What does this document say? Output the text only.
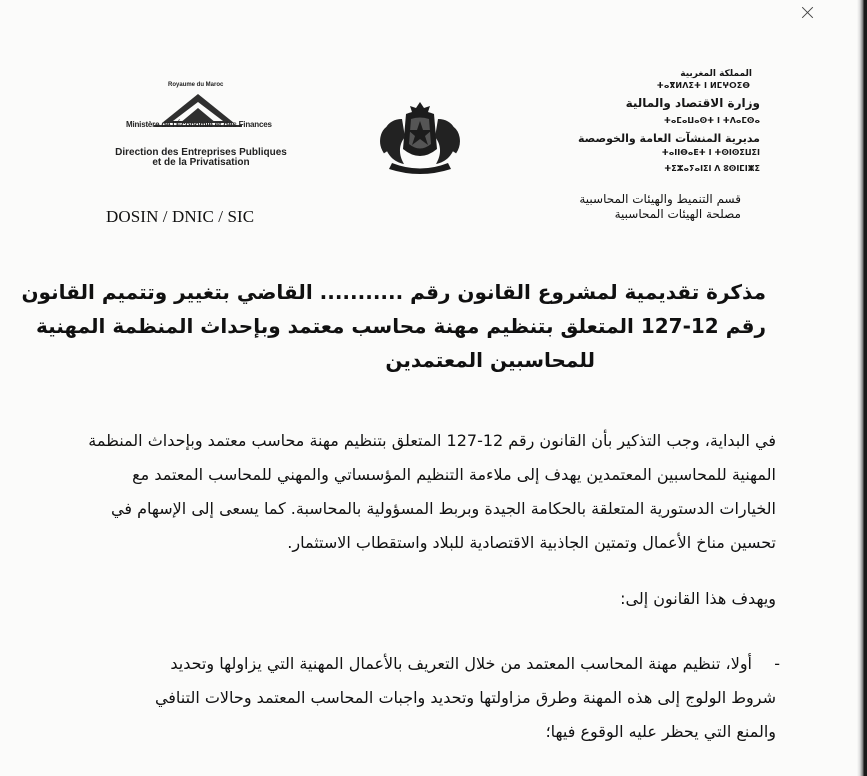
Royaume du Maroc
Ministère de l'Économie et des Finances
Direction des Entreprises Publiques et de la Privatisation
DOSIN / DNIC / SIC
المملكة المغربية
ⵜⴰⴳⵍⴷⵉⵜ ⵏ ⵍⵎⵖⵔⵉⴱ
وزارة الاقتصاد والمالية
ⵜⴰⵎⴰⵡⴰⵙⵜ ⵏ ⵜⴷⴰⵎⵙⴰ
مديرية المنشآت العامة والخوصصة
ⵜⴰⵏⵏⴱⴰⴹⵜ ⵏ ⵜⵙⵏⵙⵉⵡⵉⵏ
ⵜⵉⵣⴰⵢⴰⵏⵉⵏ ⴷ ⵓⵙⵏⵎⵏⵥⵉ
قسم التنميط والهيئات المحاسبية
مصلحة الهيئات المحاسبية
مذكرة تقديمية لمشروع القانون رقم ........... القاضي بتغيير وتتميم القانون
رقم 12-127 المتعلق بتنظيم مهنة محاسب معتمد وبإحداث المنظمة المهنية
للمحاسبين المعتمدين
في البداية، وجب التذكير بأن القانون رقم 12-127 المتعلق بتنظيم مهنة محاسب معتمد وبإحداث المنظمة
المهنية للمحاسبين المعتمدين يهدف إلى ملاءمة التنظيم المؤسساتي والمهني للمحاسب المعتمد مع
الخيارات الدستورية المتعلقة بالحكامة الجيدة وبربط المسؤولية بالمحاسبة. كما يسعى إلى الإسهام في
تحسين مناخ الأعمال وتمتين الجاذبية الاقتصادية للبلاد واستقطاب الاستثمار.
ويهدف هذا القانون إلى:
-
أولا، تنظيم مهنة المحاسب المعتمد من خلال التعريف بالأعمال المهنية التي يزاولها وتحديد
شروط الولوج إلى هذه المهنة وطرق مزاولتها وتحديد واجبات المحاسب المعتمد وحالات التنافي
والمنع التي يحظر عليه الوقوع فيها؛
